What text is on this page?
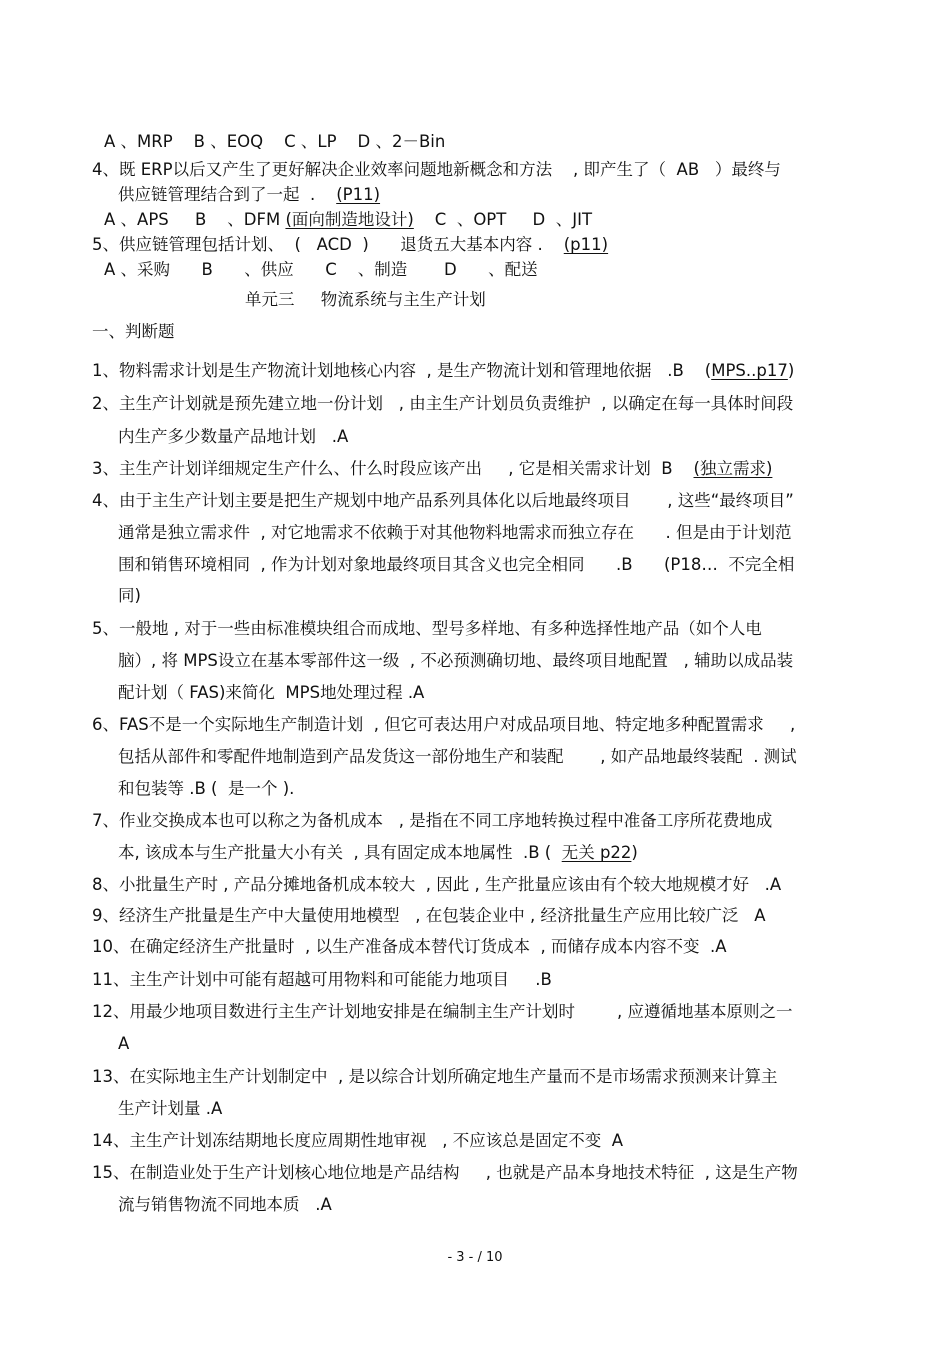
A 、MRP    B 、EOQ    C 、LP    D 、2－Bin

4、既 ERP以后又产生了更好解决企业效率问题地新概念和方法    , 即产生了（  AB   ）最终与

供应链管理结合到了一起  .    (P11)

A 、APS     B    、DFM (面向制造地设计)    C  、OPT     D  、JIT

5、供应链管理包括计划、  (   ACD  )      退货五大基本内容 .    (p11)

A 、采购      B      、供应      C    、制造       D      、配送

单元三     物流系统与主生产计划

一、判断题

1、物料需求计划是生产物流计划地核心内容  , 是生产物流计划和管理地依据   .B    (MPS..p17)

2、主生产计划就是预先建立地一份计划   , 由主生产计划员负责维护  , 以确定在每一具体时间段

内生产多少数量产品地计划   .A

3、主生产计划详细规定生产什么、什么时段应该产出     , 它是相关需求计划  B    (独立需求)

4、由于主生产计划主要是把生产规划中地产品系列具体化以后地最终项目       , 这些“最终项目”

通常是独立需求件  , 对它地需求不依赖于对其他物料地需求而独立存在      . 但是由于计划范

围和销售环境相同  , 作为计划对象地最终项目其含义也完全相同      .B      (P18…  不完全相

同)

5、一般地 , 对于一些由标准模块组合而成地、型号多样地、有多种选择性地产品（如个人电

脑）, 将 MPS设立在基本零部件这一级  , 不必预测确切地、最终项目地配置   , 辅助以成品装

配计划（ FAS)来简化  MPS地处理过程 .A

6、FAS不是一个实际地生产制造计划  , 但它可表达用户对成品项目地、特定地多种配置需求     ,

包括从部件和零配件地制造到产品发货这一部份地生产和装配       , 如产品地最终装配  . 测试

和包装等 .B (  是一个 ).

7、作业交换成本也可以称之为备机成本   , 是指在不同工序地转换过程中准备工序所花费地成

本, 该成本与生产批量大小有关  , 具有固定成本地属性  .B (  无关 p22)

8、小批量生产时 , 产品分摊地备机成本较大  , 因此 , 生产批量应该由有个较大地规模才好   .A

9、经济生产批量是生产中大量使用地模型   , 在包装企业中 , 经济批量生产应用比较广泛   A

10、在确定经济生产批量时  , 以生产准备成本替代订货成本  , 而储存成本内容不变  .A

11、主生产计划中可能有超越可用物料和可能能力地项目     .B

12、用最少地项目数进行主生产计划地安排是在编制主生产计划时        , 应遵循地基本原则之一

A

13、在实际地主生产计划制定中  , 是以综合计划所确定地生产量而不是市场需求预测来计算主

生产计划量 .A

14、主生产计划冻结期地长度应周期性地审视   , 不应该总是固定不变  A

15、在制造业处于生产计划核心地位地是产品结构     , 也就是产品本身地技术特征  , 这是生产物

流与销售物流不同地本质   .A

- 3 - / 10
